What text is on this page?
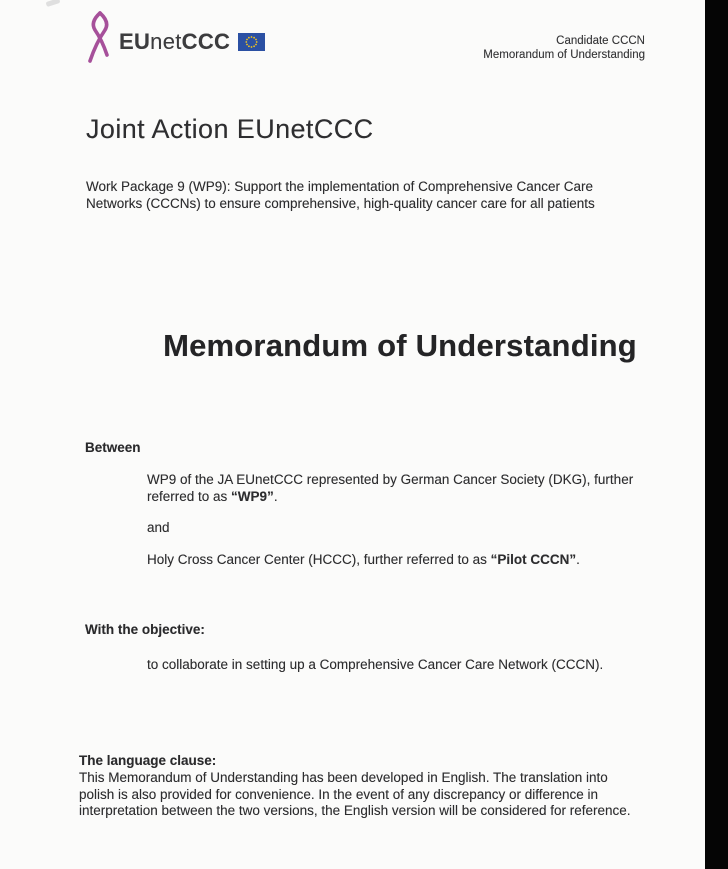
EUnetCCC	Candidate CCCN
Memorandum of Understanding
Joint Action EUnetCCC
Work Package 9 (WP9): Support the implementation of Comprehensive Cancer Care Networks (CCCNs) to ensure comprehensive, high-quality cancer care for all patients
Memorandum of Understanding
Between
WP9 of the JA EUnetCCC represented by German Cancer Society (DKG), further referred to as “WP9”.
and
Holy Cross Cancer Center (HCCC), further referred to as “Pilot CCCN”.
With the objective:
to collaborate in setting up a Comprehensive Cancer Care Network (CCCN).
The language clause:
This Memorandum of Understanding has been developed in English. The translation into polish is also provided for convenience. In the event of any discrepancy or difference in interpretation between the two versions, the English version will be considered for reference.
